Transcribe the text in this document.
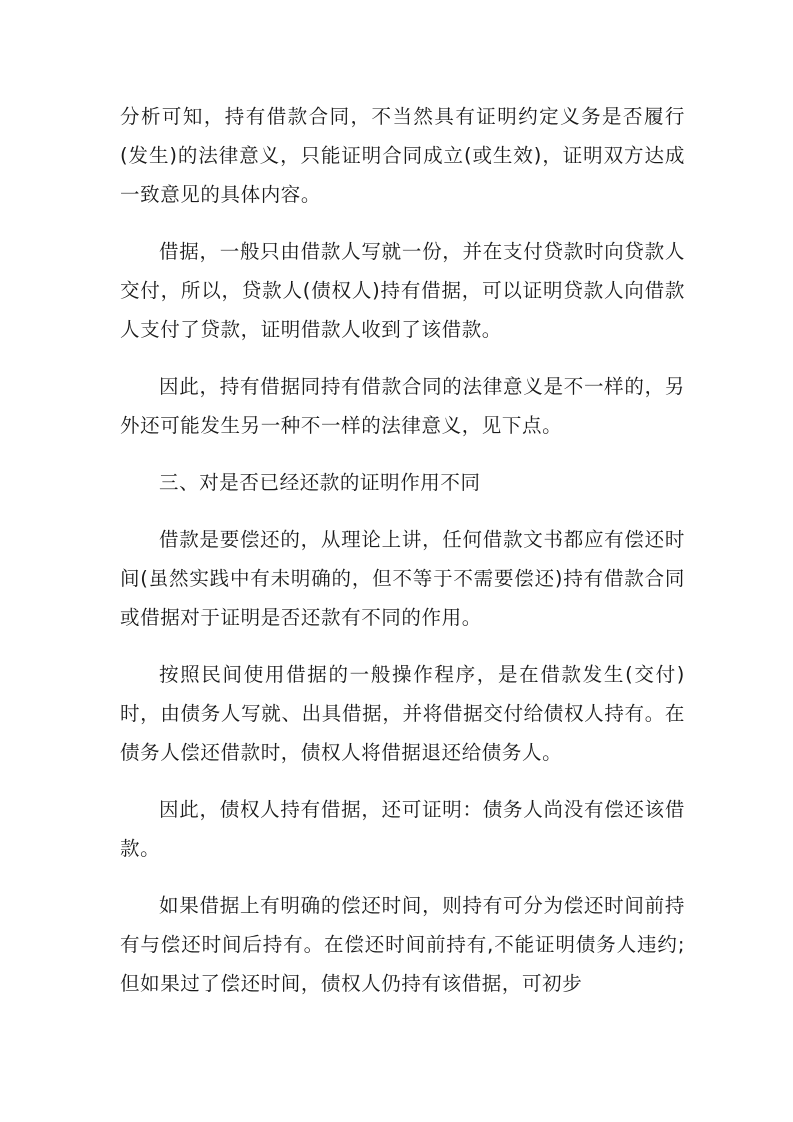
分析可知，持有借款合同，不当然具有证明约定义务是否履行(发生)的法律意义，只能证明合同成立(或生效)，证明双方达成一致意见的具体内容。

借据，一般只由借款人写就一份，并在支付贷款时向贷款人交付，所以，贷款人(债权人)持有借据，可以证明贷款人向借款人支付了贷款，证明借款人收到了该借款。

因此，持有借据同持有借款合同的法律意义是不一样的，另外还可能发生另一种不一样的法律意义，见下点。

三、对是否已经还款的证明作用不同

借款是要偿还的，从理论上讲，任何借款文书都应有偿还时间(虽然实践中有未明确的，但不等于不需要偿还)持有借款合同或借据对于证明是否还款有不同的作用。

按照民间使用借据的一般操作程序，是在借款发生(交付)时，由债务人写就、出具借据，并将借据交付给债权人持有。在债务人偿还借款时，债权人将借据退还给债务人。

因此，债权人持有借据，还可证明：债务人尚没有偿还该借款。

如果借据上有明确的偿还时间，则持有可分为偿还时间前持有与偿还时间后持有。在偿还时间前持有,不能证明债务人违约;但如果过了偿还时间，债权人仍持有该借据，可初步
